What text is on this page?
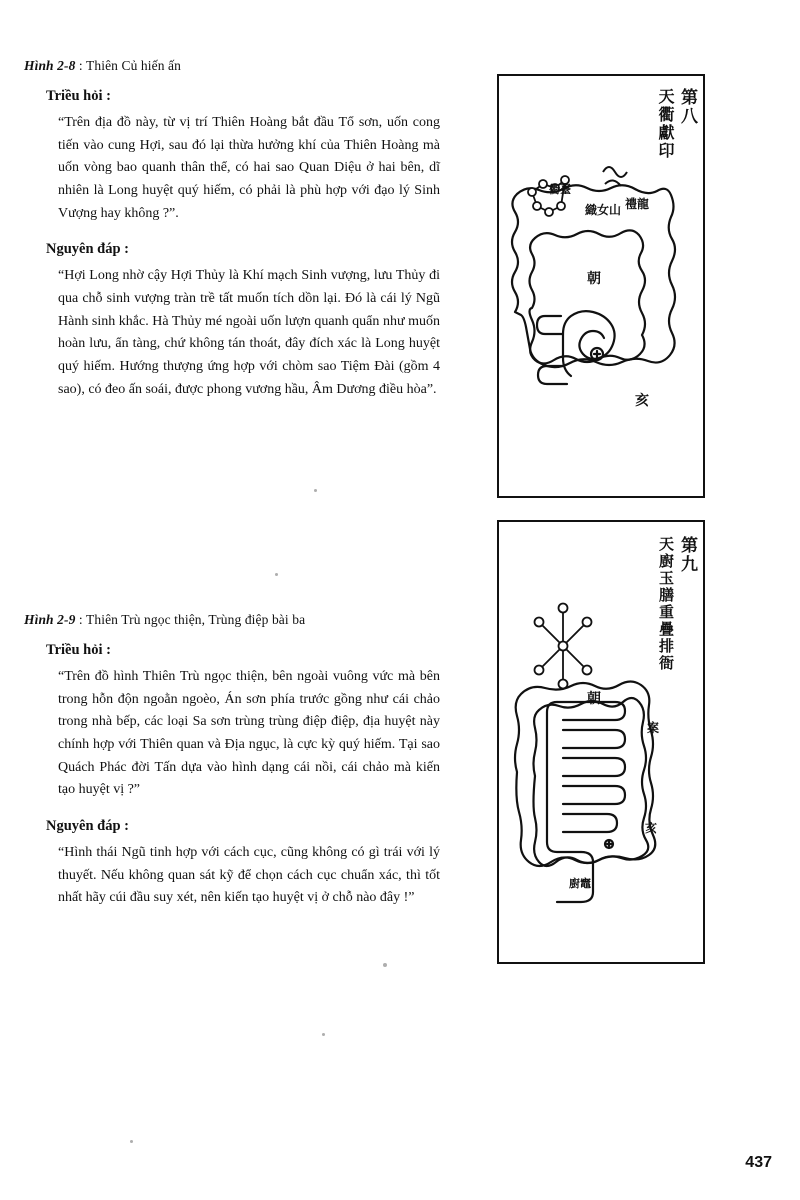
Hình 2-8 : Thiên Củ hiến ấn
Triều hỏi :

“Trên địa đồ này, từ vị trí Thiên Hoàng bắt đầu Tổ sơn, uốn cong tiến vào cung Hợi, sau đó lại thừa hưởng khí của Thiên Hoàng mà uốn vòng bao quanh thân thể, có hai sao Quan Diệu ở hai bên, dĩ nhiên là Long huyệt quý hiếm, có phải là phù hợp với đạo lý Sinh Vượng hay không ?”.

Nguyên đáp :

“Hợi Long nhờ cậy Hợi Thủy là Khí mạch Sinh vượng, lưu Thủy đi qua chỗ sinh vượng tràn trề tất muốn tích dồn lại. Đó là cái lý Ngũ Hành sinh khắc. Hà Thủy mé ngoài uốn lượn quanh quẩn như muốn hoàn lưu, ẩn tàng, chứ không tán thoát, đây đích xác là Long huyệt quý hiếm. Hướng thượng ứng hợp với chòm sao Tiệm Đài (gồm 4 sao), có đeo ấn soái, được phong vương hầu, Âm Dương điều hòa”.

Hình 2-9 : Thiên Trù ngọc thiện, Trùng điệp bài ba
Triều hỏi :

“Trên đồ hình Thiên Trù ngọc thiện, bên ngoài vuông vức mà bên trong hỗn độn ngoằn ngoèo, Án sơn phía trước gồng như cái chảo trong nhà bếp, các loại Sa sơn trùng trùng điệp điệp, địa huyệt này chính hợp với Thiên quan và Địa ngục, là cực kỳ quý hiếm. Tại sao Quách Phác đời Tấn dựa vào hình dạng cái nồi, cái chảo mà kiến tạo huyệt vị ?”

Nguyên đáp :

“Hình thái Ngũ tinh hợp với cách cục, cũng không có gì trái với lý thuyết. Nếu không quan sát kỹ để chọn cách cục chuẩn xác, thì tốt nhất hãy cúi đầu suy xét, nên kiến tạo huyệt vị ở chỗ nào đây !”

第八
天衢獻印
織女山
衢臺
禮龍
朝
亥
第九
天廚玉膳重疊排衙
朝
案
亥
廚竈
437
